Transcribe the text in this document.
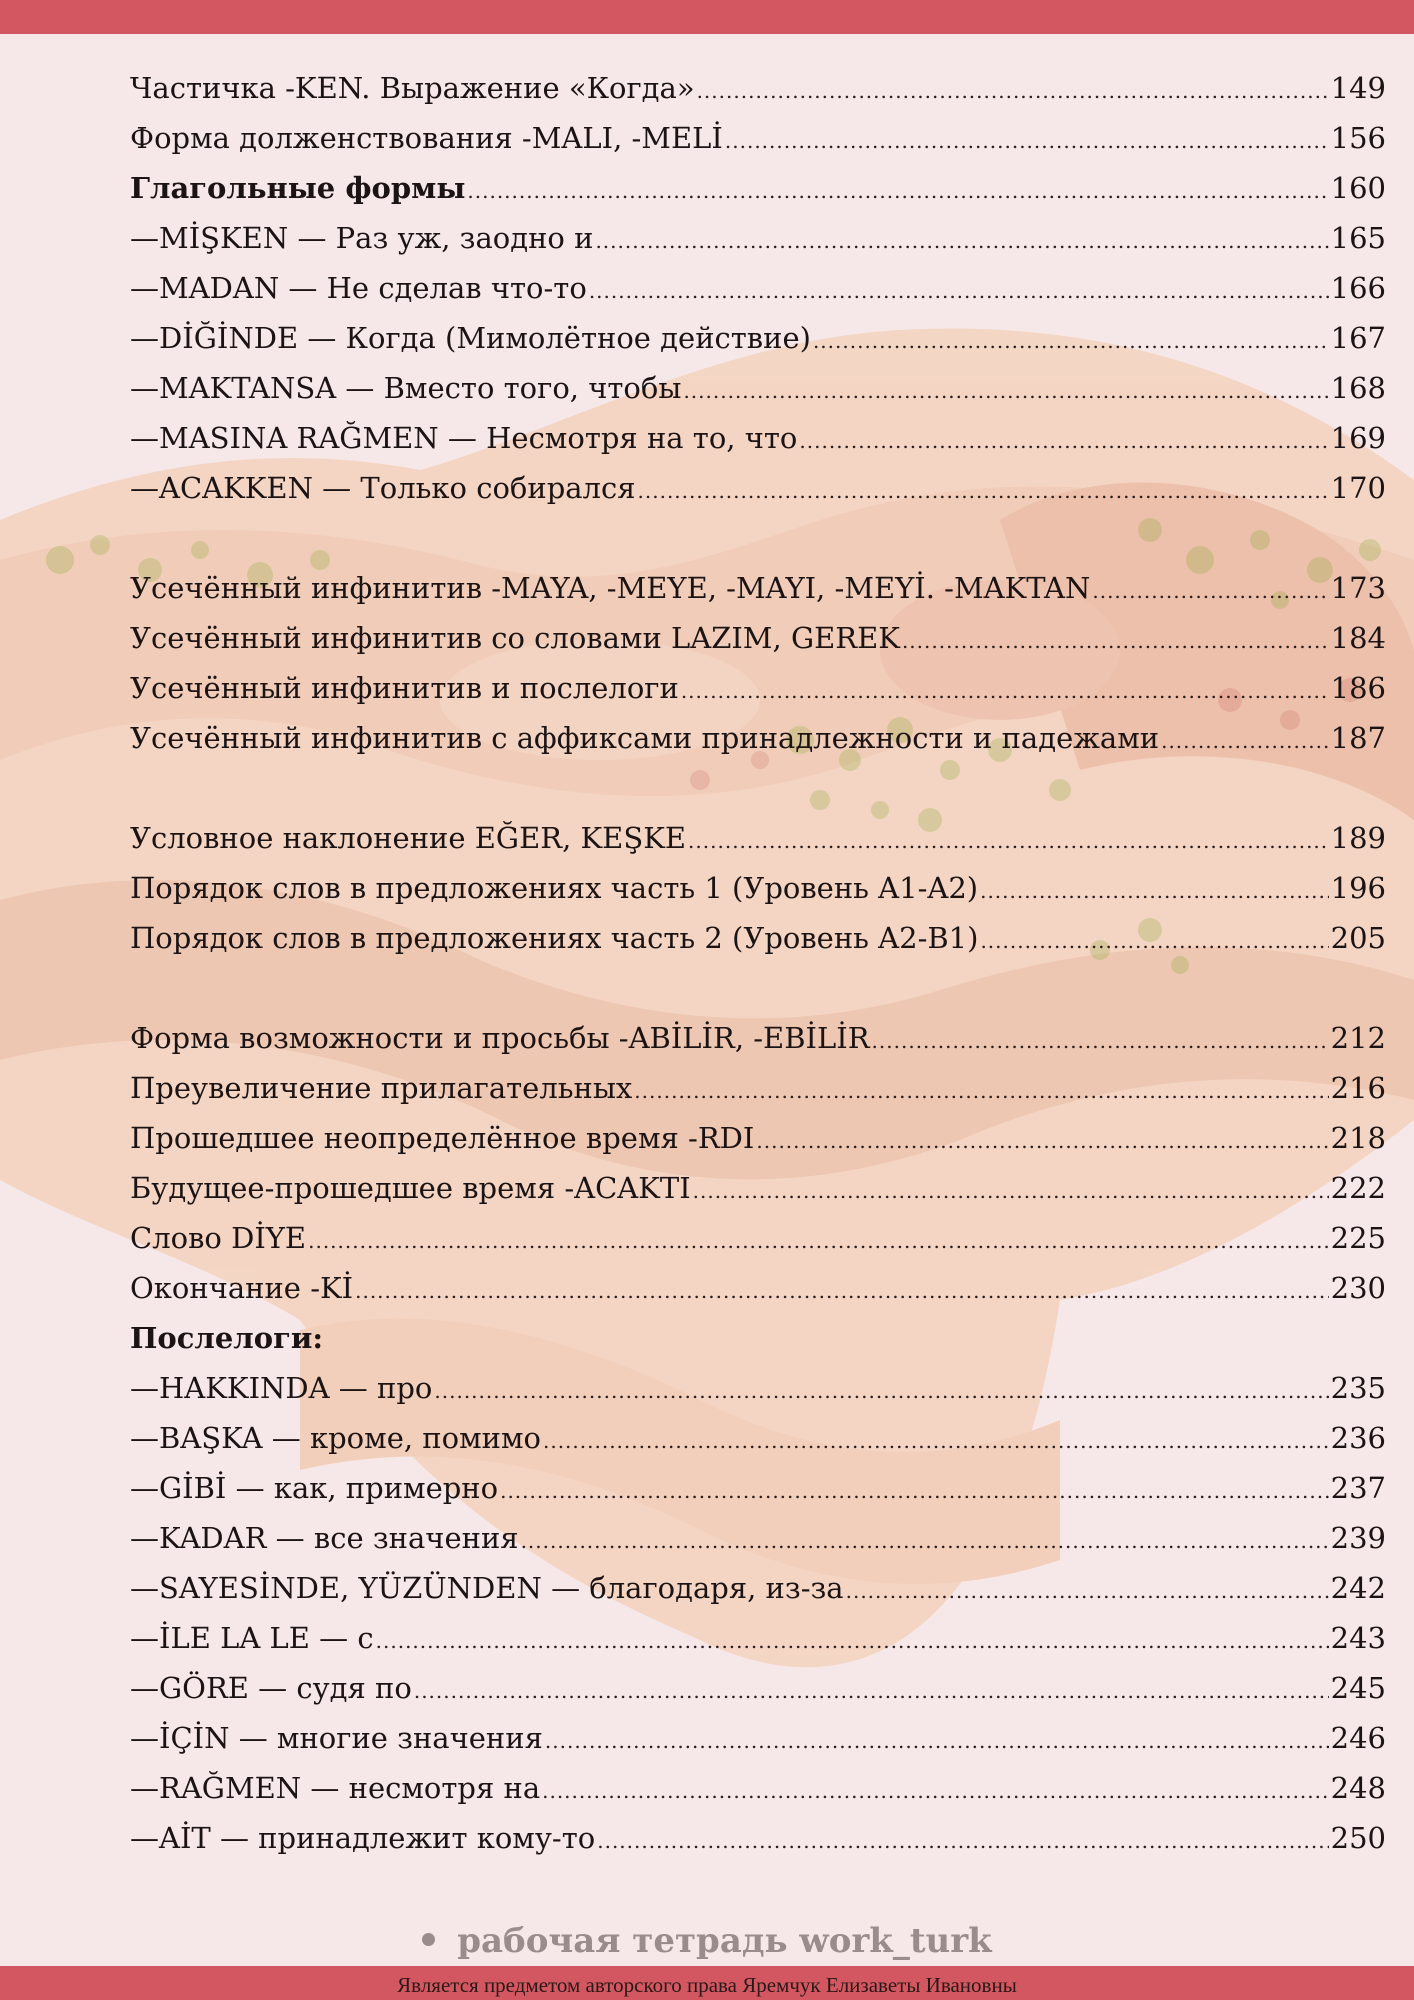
Частичка -KEN. Выражение «Когда» .....	149
Форма долженствования -MALI, -MELİ .....	156
Глагольные формы .....	160
—MİŞKEN — Раз уж, заодно и .....	165
—MADAN — Не сделав что-то .....	166
—DİĞİNDE — Когда (Мимолётное действие) .....	167
—MAKTANSA — Вместо того, чтобы .....	168
—MASINA RAĞMEN — Несмотря на то, что .....	169
—ACAKKEN — Только собирался .....	170
Усечённый инфинитив -MAYA, -MEYE, -MAYI, -MEYİ. -MAKTAN .....	173
Усечённый инфинитив со словами LAZIM, GEREK .....	184
Усечённый инфинитив и послелоги .....	186
Усечённый инфинитив с аффиксами принадлежности и падежами .....	187
Условное наклонение EĞER, KEŞKE .....	189
Порядок слов в предложениях часть 1 (Уровень A1-A2) .....	196
Порядок слов в предложениях часть 2 (Уровень A2-B1) .....	205
Форма возможности и просьбы -ABİLİR, -EBİLİR .....	212
Преувеличение прилагательных .....	216
Прошедшее неопределённое время -RDI .....	218
Будущее-прошедшее время -ACAKTI .....	222
Слово DİYE .....	225
Окончание -Kİ .....	230
Послелоги:
—HAKKINDA — про .....	235
—BAŞKA — кроме, помимо .....	236
—GİBİ — как, примерно .....	237
—KADAR — все значения .....	239
—SAYESİNDE, YÜZÜNDEN — благодаря, из-за .....	242
—İLE LA LE — с .....	243
—GÖRE — судя по .....	245
—İÇİN — многие значения .....	246
—RAĞMEN — несмотря на .....	248
—AİT — принадлежит кому-то .....	250
рабочая тетрадь work_turk
Является предметом авторского права Яремчук Елизаветы Ивановны
